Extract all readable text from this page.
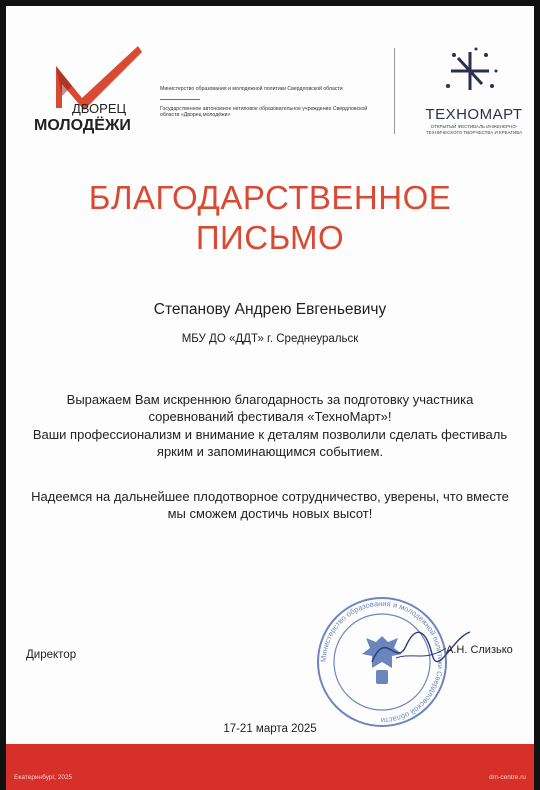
ДВОРЕЦ
МОЛОДЁЖИ
Министерство образования и молодежной политики Свердловской области
Государственное автономное нетиповое образовательное учреждение Свердловской области «Дворец молодёжи»	ТЕХНОМАРТ
ОТКРЫТЫЙ ФЕСТИВАЛЬ ИНЖЕНЕРНО-ТЕХНИЧЕСКОГО ТВОРЧЕСТВА И КРЕАТИВА
БЛАГОДАРСТВЕННОЕ
ПИСЬМО
Степанову Андрею Евгеньевичу
МБУ ДО «ДДТ» г. Среднеуральск
Выражаем Вам искреннюю благодарность за подготовку участника соревнований фестиваля «ТехноМарт»!
Ваши профессионализм и внимание к деталям позволили сделать фестиваль ярким и запоминающимся событием.
Надеемся на дальнейшее плодотворное сотрудничество, уверены, что вместе мы сможем достичь новых высот!
Министерство образования и молодежной политики Свердловской области
Директор	А.Н. Слизько
17-21 марта 2025
Екатеринбург, 2025	dm-centre.ru
